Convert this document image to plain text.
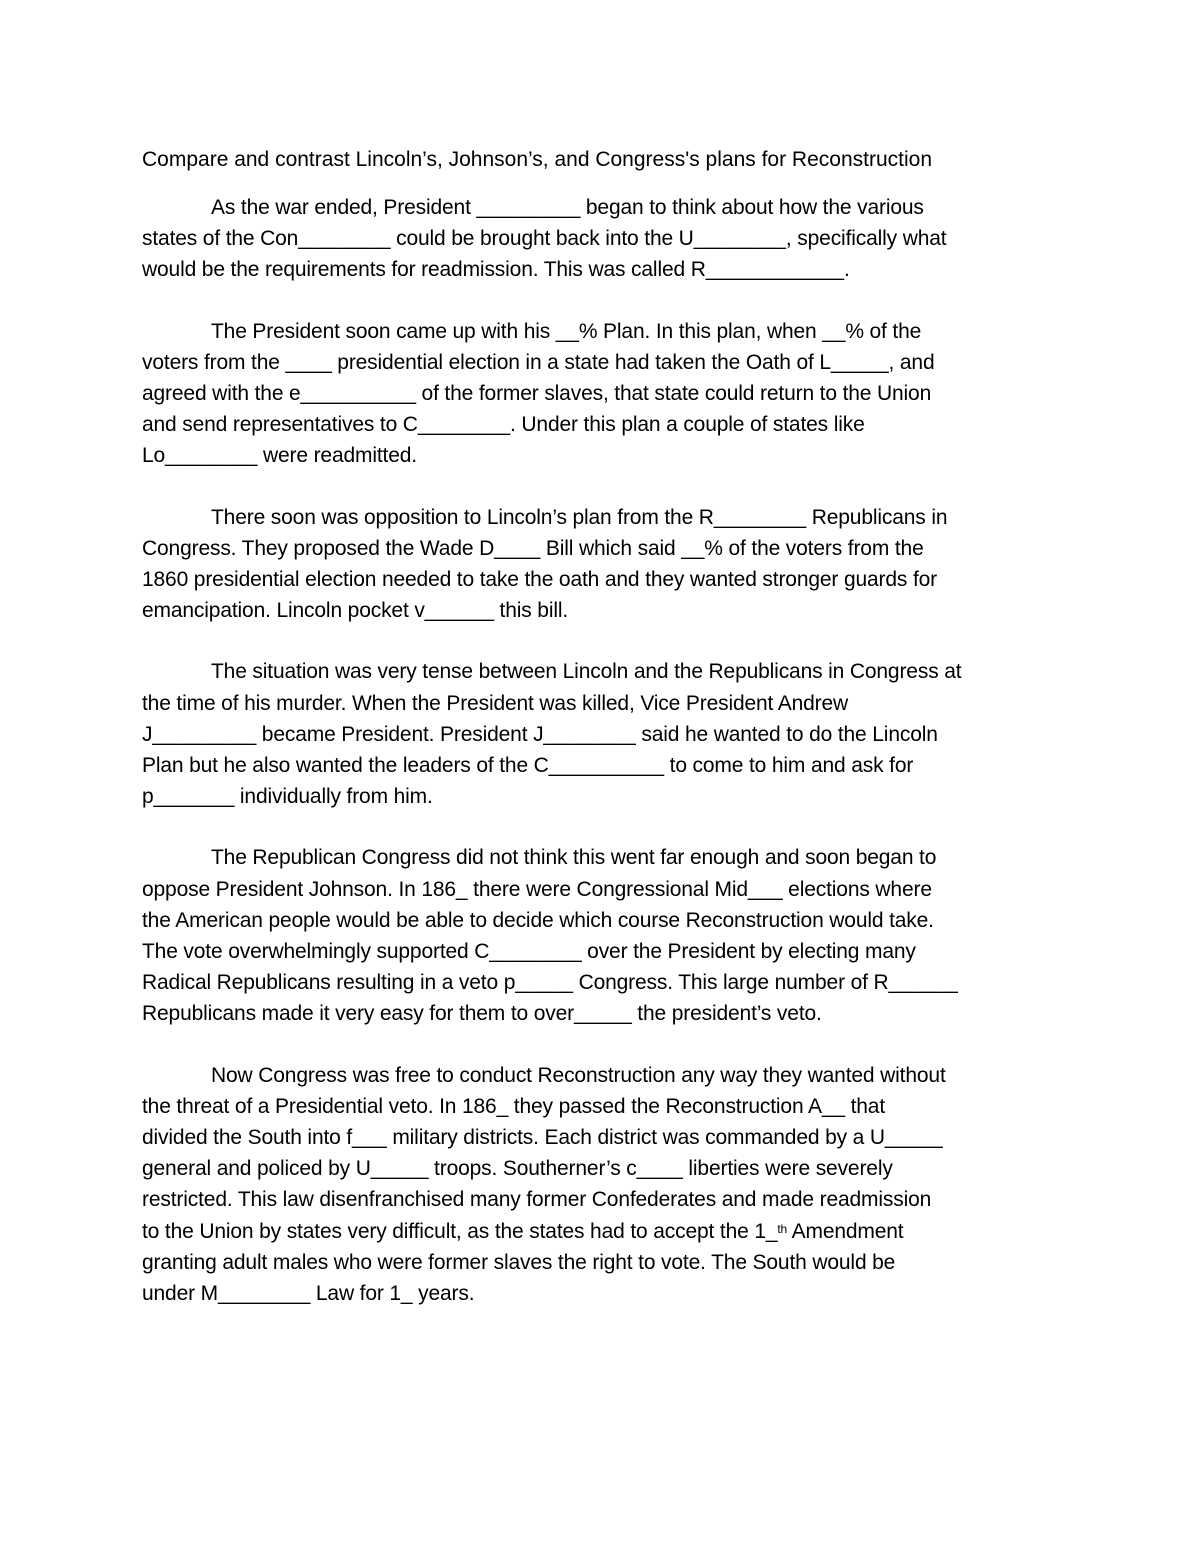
Compare and contrast Lincoln’s, Johnson’s, and Congress's plans for Reconstruction

As the war ended, President _________ began to think about how the various
states of the Con________ could be brought back into the U________, specifically what
would be the requirements for readmission. This was called R____________.

The President soon came up with his __% Plan. In this plan, when __% of the
voters from the ____ presidential election in a state had taken the Oath of L_____, and
agreed with the e__________ of the former slaves, that state could return to the Union
and send representatives to C________. Under this plan a couple of states like
Lo________ were readmitted.

There soon was opposition to Lincoln’s plan from the R________ Republicans in
Congress. They proposed the Wade D____ Bill which said __% of the voters from the
1860 presidential election needed to take the oath and they wanted stronger guards for
emancipation. Lincoln pocket v______ this bill.

The situation was very tense between Lincoln and the Republicans in Congress at
the time of his murder. When the President was killed, Vice President Andrew
J_________ became President. President J________ said he wanted to do the Lincoln
Plan but he also wanted the leaders of the C__________ to come to him and ask for
p_______ individually from him.

The Republican Congress did not think this went far enough and soon began to
oppose President Johnson. In 186_ there were Congressional Mid___ elections where
the American people would be able to decide which course Reconstruction would take.
The vote overwhelmingly supported C________ over the President by electing many
Radical Republicans resulting in a veto p_____ Congress. This large number of R______
Republicans made it very easy for them to over_____ the president’s veto.

Now Congress was free to conduct Reconstruction any way they wanted without
the threat of a Presidential veto. In 186_ they passed the Reconstruction A__ that
divided the South into f___ military districts. Each district was commanded by a U_____
general and policed by U_____ troops. Southerner’s c____ liberties were severely
restricted. This law disenfranchised many former Confederates and made readmission
to the Union by states very difficult, as the states had to accept the 1_$^{th}$ Amendment
granting adult males who were former slaves the right to vote. The South would be
under M________ Law for 1_ years.
